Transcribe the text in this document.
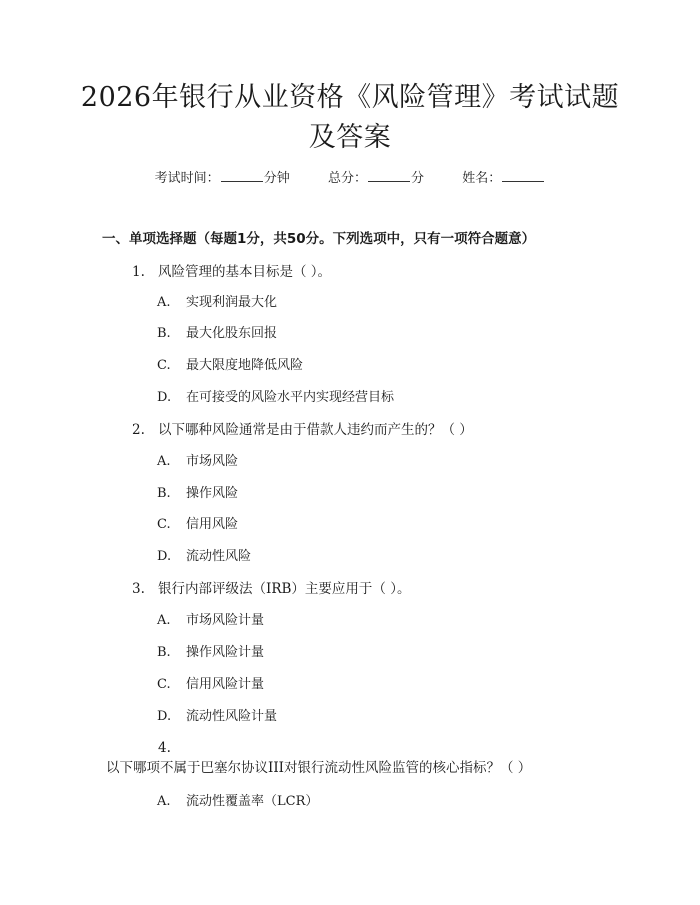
2026年银行从业资格《风险管理》考试试题
及答案
考试时间：	分钟	总分：	分	姓名：
一、单项选择题（每题1分，共50分。下列选项中，只有一项符合题意）
1. 风险管理的基本目标是（ ）。
A. 实现利润最大化
B. 最大化股东回报
C. 最大限度地降低风险
D. 在可接受的风险水平内实现经营目标
2. 以下哪种风险通常是由于借款人违约而产生的？（ ）
A. 市场风险
B. 操作风险
C. 信用风险
D. 流动性风险
3. 银行内部评级法（IRB）主要应用于（ ）。
A. 市场风险计量
B. 操作风险计量
C. 信用风险计量
D. 流动性风险计量
4.以下哪项不属于巴塞尔协议III对银行流动性风险监管的核心指标？（ ）
A. 流动性覆盖率（LCR）
